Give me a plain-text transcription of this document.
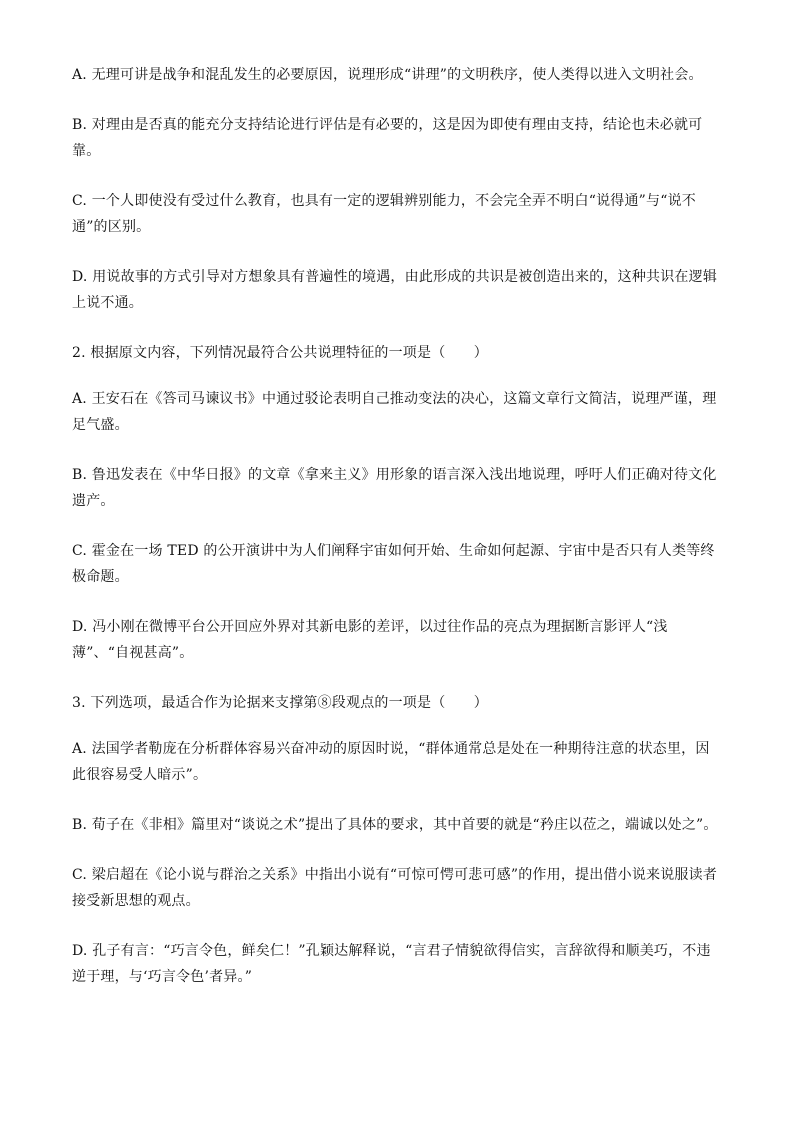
A. 无理可讲是战争和混乱发生的必要原因，说理形成“讲理”的文明秩序，使人类得以进入文明社会。

B. 对理由是否真的能充分支持结论进行评估是有必要的，这是因为即使有理由支持，结论也未必就可靠。

C. 一个人即使没有受过什么教育，也具有一定的逻辑辨别能力，不会完全弄不明白“说得通”与“说不通”的区别。

D. 用说故事的方式引导对方想象具有普遍性的境遇，由此形成的共识是被创造出来的，这种共识在逻辑上说不通。

2. 根据原文内容，下列情况最符合公共说理特征的一项是（　　）

A. 王安石在《答司马谏议书》中通过驳论表明自己推动变法的决心，这篇文章行文简洁，说理严谨，理足气盛。

B. 鲁迅发表在《中华日报》的文章《拿来主义》用形象的语言深入浅出地说理，呼吁人们正确对待文化遗产。

C. 霍金在一场 TED 的公开演讲中为人们阐释宇宙如何开始、生命如何起源、宇宙中是否只有人类等终极命题。

D. 冯小刚在微博平台公开回应外界对其新电影的差评，以过往作品的亮点为理据断言影评人“浅薄”、“自视甚高”。

3. 下列选项，最适合作为论据来支撑第⑧段观点的一项是（　　）

A. 法国学者勒庞在分析群体容易兴奋冲动的原因时说，“群体通常总是处在一种期待注意的状态里，因此很容易受人暗示”。

B. 荀子在《非相》篇里对“谈说之术”提出了具体的要求，其中首要的就是“矜庄以莅之，端诚以处之”。

C. 梁启超在《论小说与群治之关系》中指出小说有“可惊可愕可悲可感”的作用，提出借小说来说服读者接受新思想的观点。

D. 孔子有言：“巧言令色，鲜矣仁！”孔颖达解释说，“言君子情貌欲得信实，言辞欲得和顺美巧，不违逆于理，与‘巧言令色’者异。”
